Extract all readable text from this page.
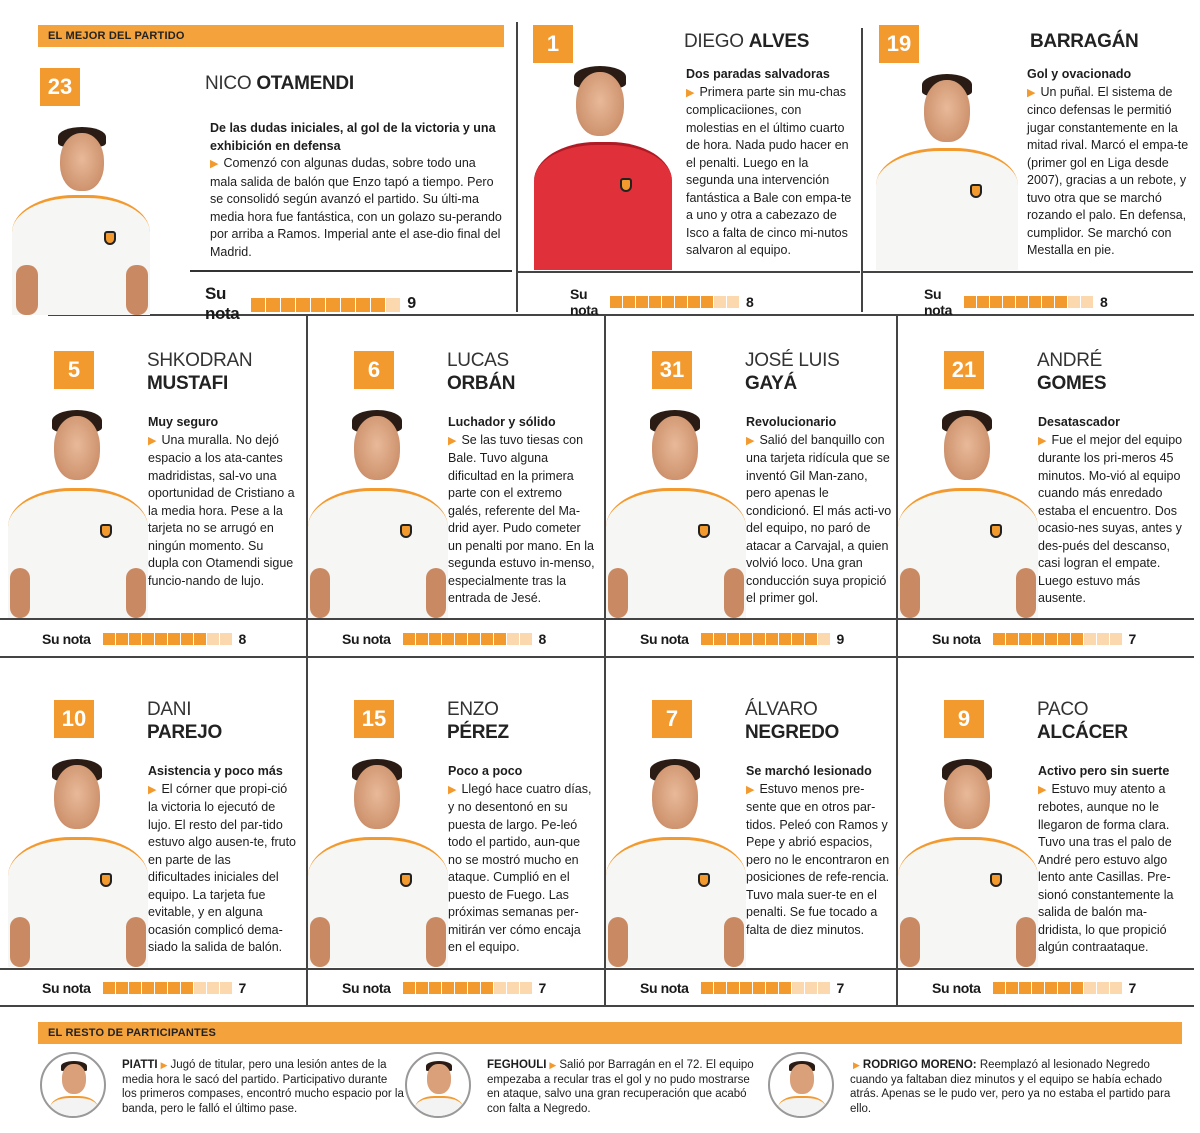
EL MEJOR DEL PARTIDO
23	NICO OTAMENDI
De las dudas iniciales, al gol de la victoria y una exhibición en defensa
▶ Comenzó con algunas dudas, sobre todo una mala salida de balón que Enzo tapó a tiempo. Pero se consolidó según avanzó el partido. Su últi-ma media hora fue fantástica, con un golazo su-perando por arriba a Ramos. Imperial ante el ase-dio final del Madrid.
Su nota
9
1	DIEGO ALVES
Dos paradas salvadoras
▶ Primera parte sin mu-chas complicaciiones, con molestias en el último cuarto de hora. Nada pudo hacer en el penalti. Luego en la segunda una intervención fantástica a Bale con empa-te a uno y otra a cabezazo de Isco a falta de cinco mi-nutos salvaron al equipo.
Su nota	8
19	BARRAGÁN
Gol y ovacionado
▶ Un puñal. El sistema de cinco defensas le permitió jugar constantemente en la mitad rival. Marcó el empa-te (primer gol en Liga desde 2007), gracias a un rebote, y tuvo otra que se marchó rozando el palo. En defensa, cumplidor. Se marchó con Mestalla en pie.
Su nota	8
5	SHKODRAN
MUSTAFI
Muy seguro
▶ Una muralla. No dejó espacio a los ata-cantes madridistas, sal-vo una oportunidad de Cristiano a la media hora. Pese a la tarjeta no se arrugó en ningún momento. Su dupla con Otamendi sigue funcio-nando de lujo.
Su nota	8
6	LUCAS
ORBÁN
Luchador y sólido
▶ Se las tuvo tiesas con Bale. Tuvo alguna dificultad en la primera parte con el extremo galés, referente del Ma-drid ayer. Pudo cometer un penalti por mano. En la segunda estuvo in-menso, especialmente tras la entrada de Jesé.
Su nota	8
31	JOSÉ LUIS
GAYÁ
Revolucionario
▶ Salió del banquillo con una tarjeta ridícula que se inventó Gil Man-zano, pero apenas le condicionó. El más acti-vo del equipo, no paró de atacar a Carvajal, a quien volvió loco. Una gran conducción suya propició el primer gol.
Su nota	9
21	ANDRÉ
GOMES
Desatascador
▶ Fue el mejor del equipo durante los pri-meros 45 minutos. Mo-vió al equipo cuando más enredado estaba el encuentro. Dos ocasio-nes suyas, antes y des-pués del descanso, casi logran el empate. Luego estuvo más ausente.
Su nota	7
10	DANI
PAREJO
Asistencia y poco más
▶ El córner que propi-ció la victoria lo ejecutó de lujo. El resto del par-tido estuvo algo ausen-te, fruto en parte de las dificultades iniciales del equipo. La tarjeta fue evitable, y en alguna ocasión complicó dema-siado la salida de balón.
Su nota	7
15	ENZO
PÉREZ
Poco a poco
▶ Llegó hace cuatro días, y no desentonó en su puesta de largo. Pe-leó todo el partido, aun-que no se mostró mucho en ataque. Cumplió en el puesto de Fuego. Las próximas semanas per-mitirán ver cómo encaja en el equipo.
Su nota	7
7	ÁLVARO
NEGREDO
Se marchó lesionado
▶ Estuvo menos pre-sente que en otros par-tidos. Peleó con Ramos y Pepe y abrió espacios, pero no le encontraron en posiciones de refe-rencia. Tuvo mala suer-te en el penalti. Se fue tocado a falta de diez minutos.
Su nota	7
9	PACO
ALCÁCER
Activo pero sin suerte
▶ Estuvo muy atento a rebotes, aunque no le llegaron de forma clara. Tuvo una tras el palo de André pero estuvo algo lento ante Casillas. Pre-sionó constantemente la salida de balón ma-dridista, lo que propició algún contraataque.
Su nota	7
EL RESTO DE PARTICIPANTES
PIATTI ▶ Jugó de titular, pero una lesión antes de la media hora le sacó del partido. Participativo durante los primeros compases, encontró mucho espacio por la banda, pero le falló el último pase.
FEGHOULI ▶ Salió por Barragán en el 72. El equipo empezaba a recular tras el gol y no pudo mostrarse en ataque, salvo una gran recuperación que acabó con falta a Negredo.
▶ RODRIGO MORENO: Reemplazó al lesionado Negredo cuando ya faltaban diez minutos y el equipo se había echado atrás. Apenas se le pudo ver, pero ya no estaba el partido para ello.
